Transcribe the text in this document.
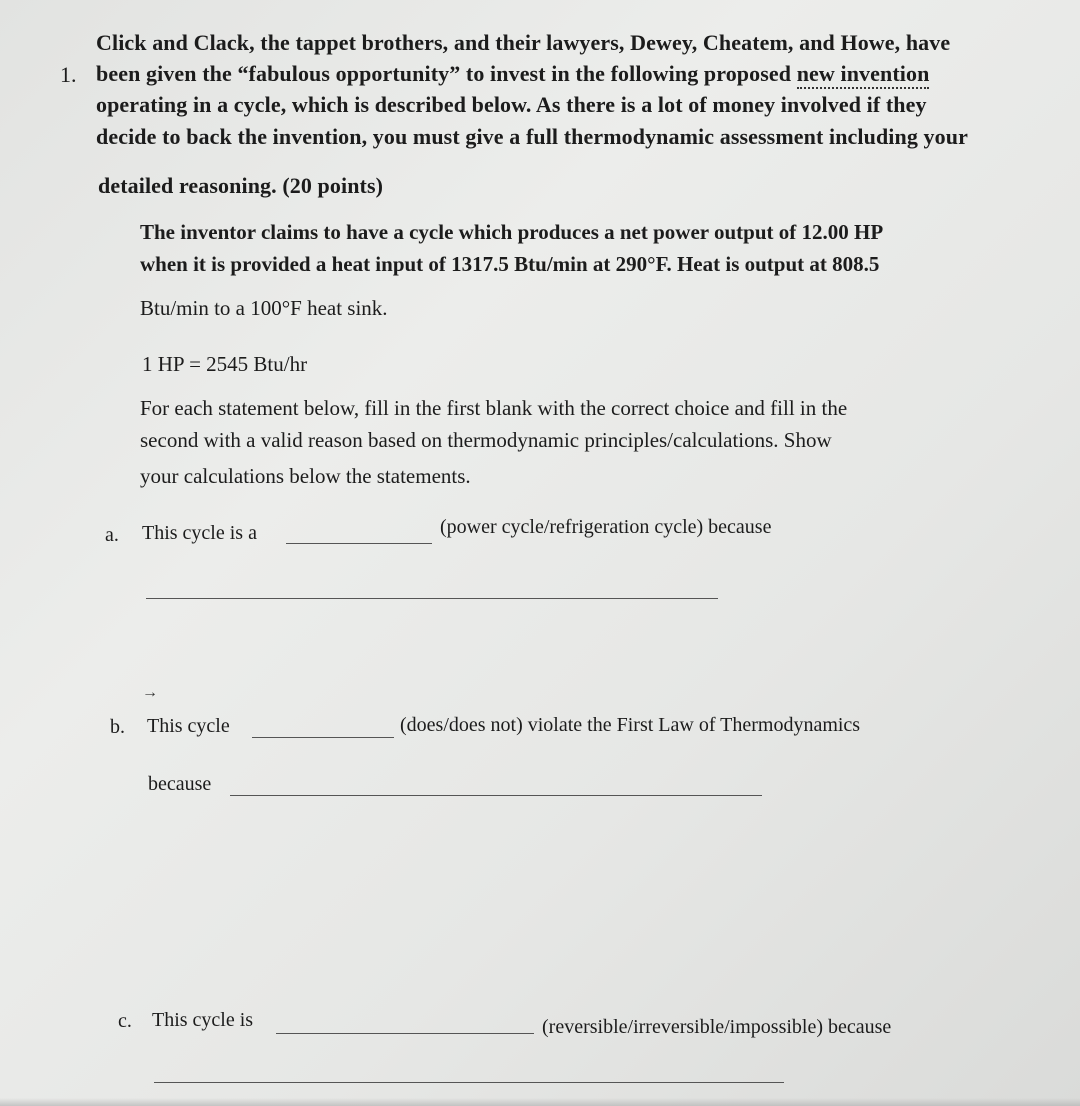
1.
Click and Clack, the tappet brothers, and their lawyers, Dewey, Cheatem, and Howe, have
been given the “fabulous opportunity” to invest in the following proposed new invention
operating in a cycle, which is described below. As there is a lot of money involved if they
decide to back the invention, you must give a full thermodynamic assessment including your
detailed reasoning. (20 points)
The inventor claims to have a cycle which produces a net power output of 12.00 HP
when it is provided a heat input of 1317.5 Btu/min at 290°F. Heat is output at 808.5
Btu/min to a 100°F heat sink.
1 HP = 2545 Btu/hr
For each statement below, fill in the first blank with the correct choice and fill in the
second with a valid reason based on thermodynamic principles/calculations. Show
your calculations below the statements.
a. This cycle is a	(power cycle/refrigeration cycle) because
→
b. This cycle	(does/does not) violate the First Law of Thermodynamics
because
c. This cycle is	(reversible/irreversible/impossible) because
